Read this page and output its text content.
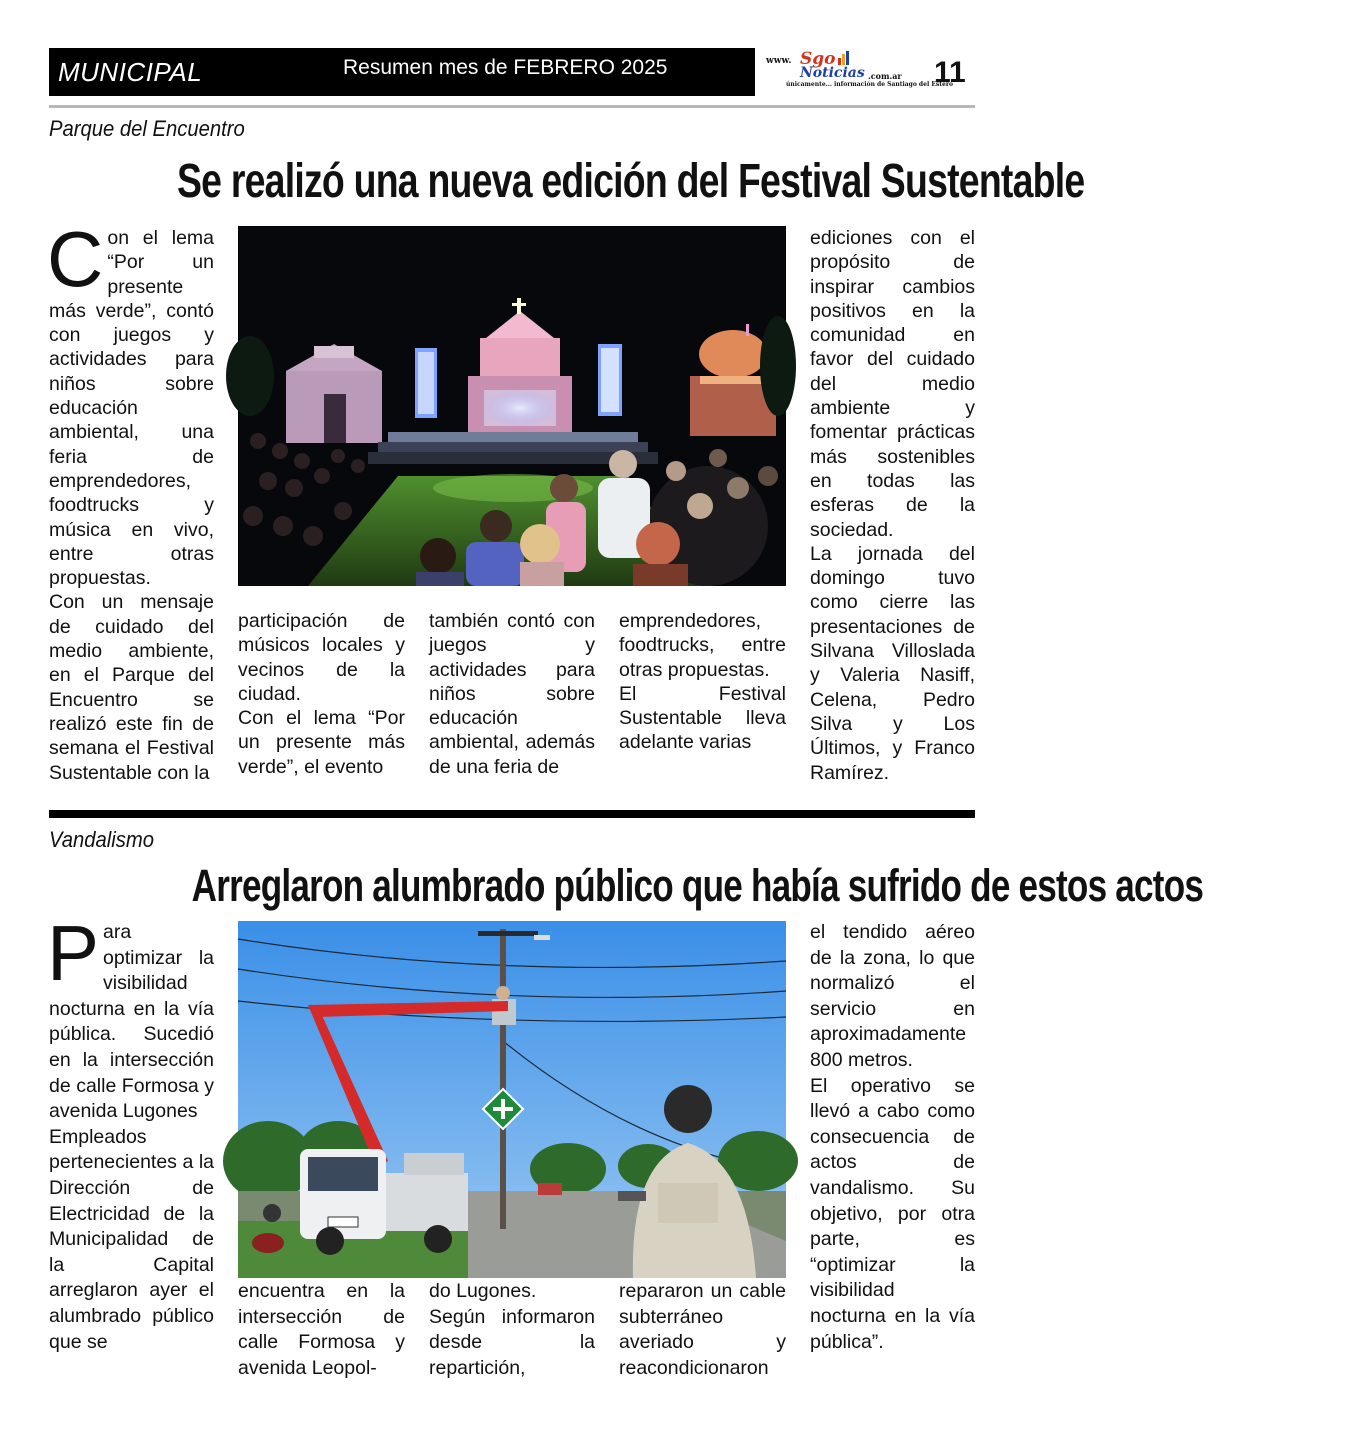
MUNICIPAL	Resumen mes de FEBRERO 2025	www. Sgo
Noticias .com.ar
únicamente... información de Santiago del Estero
11
Parque del Encuentro
Se realizó una nueva edición del Festival Sustentable

Con el lema “Por un presente más verde”, contó con juegos y actividades para niños sobre educación ambiental, una feria de emprendedores, foodtrucks y música en vivo, entre otras propuestas.

Con un mensaje de cuidado del medio ambiente, en el Parque del Encuentro se realizó este fin de semana el Festival Sustentable con la

participación de músicos locales y vecinos de la ciudad.

Con el lema “Por un presente más verde”, el evento

también contó con juegos y actividades para niños sobre educación ambiental, además de una feria de

emprendedores, foodtrucks, entre otras propuestas.

El Festival Sustentable lleva adelante varias

ediciones con el propósito de inspirar cambios positivos en la comunidad en favor del cuidado del medio ambiente y fomentar prácticas más sostenibles en todas las esferas de la sociedad.

La jornada del domingo tuvo como cierre las presentaciones de Silvana Villoslada y Valeria Nasiff, Celena, Pedro Silva y Los Últimos, y Franco Ramírez.

Vandalismo
Arreglaron alumbrado público que había sufrido de estos actos

Para optimizar la visibilidad nocturna en la vía pública. Sucedió en la intersección de calle Formosa y avenida Lugones

Empleados pertenecientes a la Dirección de Electricidad de la Municipalidad de la Capital arreglaron ayer el alumbrado público que se

encuentra en la intersección de calle Formosa y avenida Leopol-

do Lugones.

Según informaron desde la repartición,

repararon un cable subterráneo averiado y reacondicionaron

el tendido aéreo de la zona, lo que normalizó el servicio en aproximadamente 800 metros.

El operativo se llevó a cabo como consecuencia de actos de vandalismo. Su objetivo, por otra parte, es “optimizar la visibilidad nocturna en la vía pública”.
